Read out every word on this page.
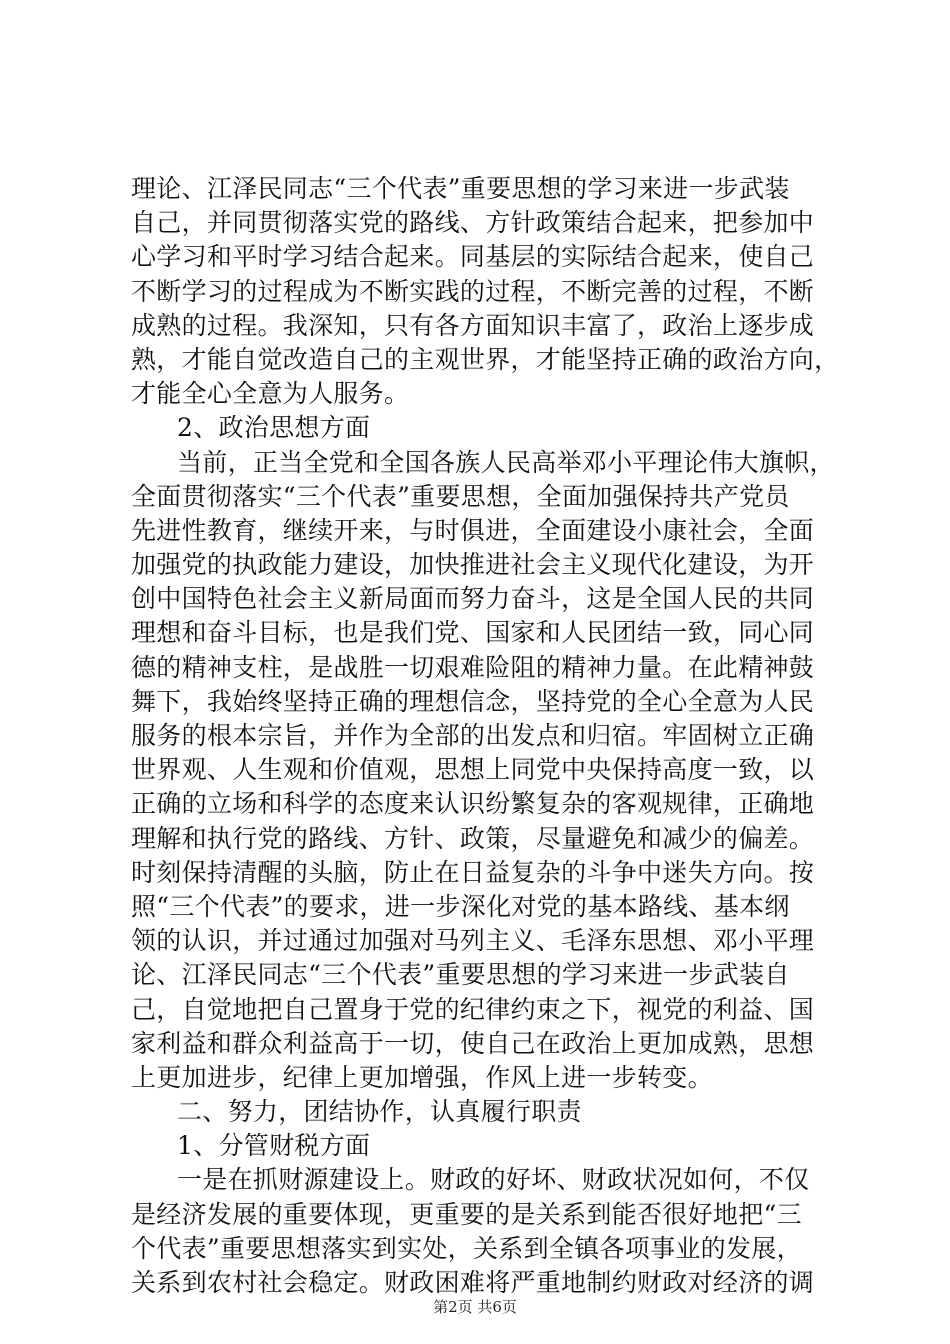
理论、江泽民同志“三个代表”重要思想的学习来进一步武装
自己，并同贯彻落实党的路线、方针政策结合起来，把参加中
心学习和平时学习结合起来。同基层的实际结合起来，使自己
不断学习的过程成为不断实践的过程，不断完善的过程，不断
成熟的过程。我深知，只有各方面知识丰富了，政治上逐步成
熟，才能自觉改造自己的主观世界，才能坚持正确的政治方向，
才能全心全意为人服务。
2、政治思想方面
当前，正当全党和全国各族人民高举邓小平理论伟大旗帜，
全面贯彻落实“三个代表”重要思想，全面加强保持共产党员
先进性教育，继续开来，与时俱进，全面建设小康社会，全面
加强党的执政能力建设，加快推进社会主义现代化建设，为开
创中国特色社会主义新局面而努力奋斗，这是全国人民的共同
理想和奋斗目标，也是我们党、国家和人民团结一致，同心同
德的精神支柱，是战胜一切艰难险阻的精神力量。在此精神鼓
舞下，我始终坚持正确的理想信念，坚持党的全心全意为人民
服务的根本宗旨，并作为全部的出发点和归宿。牢固树立正确
世界观、人生观和价值观，思想上同党中央保持高度一致，以
正确的立场和科学的态度来认识纷繁复杂的客观规律，正确地
理解和执行党的路线、方针、政策，尽量避免和减少的偏差。
时刻保持清醒的头脑，防止在日益复杂的斗争中迷失方向。按
照“三个代表”的要求，进一步深化对党的基本路线、基本纲
领的认识，并过通过加强对马列主义、毛泽东思想、邓小平理
论、江泽民同志“三个代表”重要思想的学习来进一步武装自
己，自觉地把自己置身于党的纪律约束之下，视党的利益、国
家利益和群众利益高于一切，使自己在政治上更加成熟，思想
上更加进步，纪律上更加增强，作风上进一步转变。
二、努力，团结协作，认真履行职责
1、分管财税方面
一是在抓财源建设上。财政的好坏、财政状况如何，不仅
是经济发展的重要体现，更重要的是关系到能否很好地把“三
个代表”重要思想落实到实处，关系到全镇各项事业的发展，
关系到农村社会稳定。财政困难将严重地制约财政对经济的调
第2页 共6页
